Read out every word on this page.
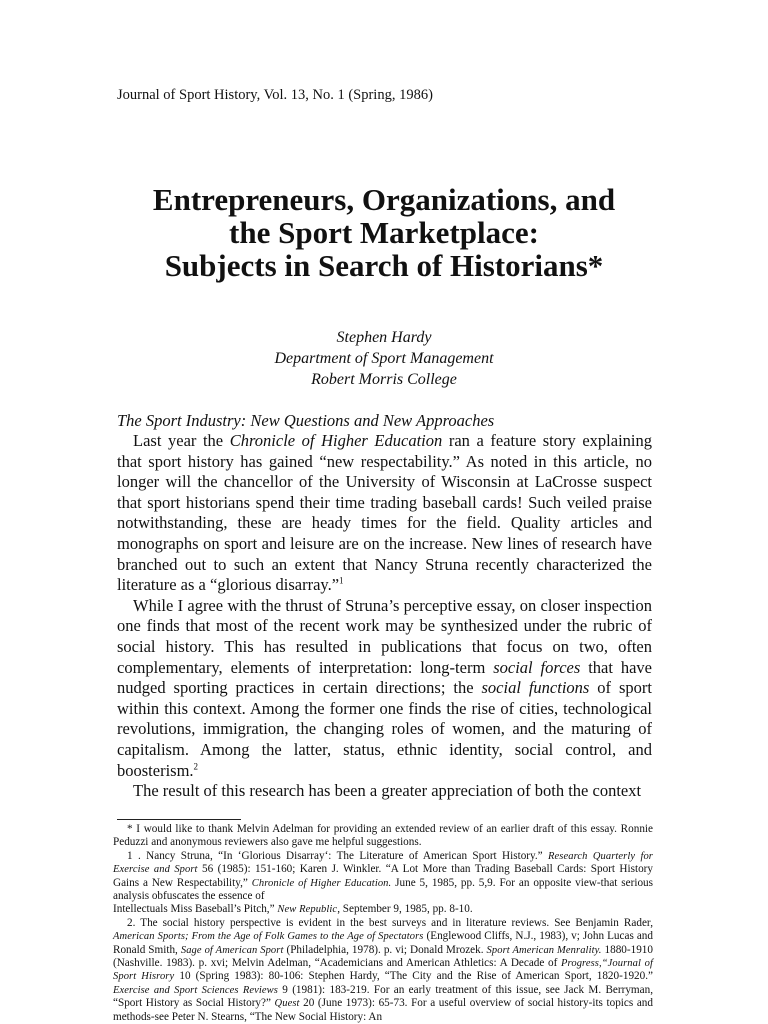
Journal of Sport History, Vol. 13, No. 1 (Spring, 1986)
Entrepreneurs, Organizations, and
the Sport Marketplace:
Subjects in Search of Historians*
Stephen Hardy
Department of Sport Management
Robert Morris College
The Sport Industry: New Questions and New Approaches

Last year the Chronicle of Higher Education ran a feature story explaining that sport history has gained “new respectability.” As noted in this article, no longer will the chancellor of the University of Wisconsin at LaCrosse suspect that sport historians spend their time trading baseball cards! Such veiled praise notwithstanding, these are heady times for the field. Quality articles and monographs on sport and leisure are on the increase. New lines of research have branched out to such an extent that Nancy Struna recently characterized the literature as a “glorious disarray.”$^1$

While I agree with the thrust of Struna’s perceptive essay, on closer inspection one finds that most of the recent work may be synthesized under the rubric of social history. This has resulted in publications that focus on two, often complementary, elements of interpretation: long-term social forces that have nudged sporting practices in certain directions; the social functions of sport within this context. Among the former one finds the rise of cities, technological revolutions, immigration, the changing roles of women, and the maturing of capitalism. Among the latter, status, ethnic identity, social control, and boosterism.$^2$

The result of this research has been a greater appreciation of both the context

* I would like to thank Melvin Adelman for providing an extended review of an earlier draft of this essay. Ronnie Peduzzi and anonymous reviewers also gave me helpful suggestions.

1 . Nancy Struna, “In ‘Glorious Disarray‘: The Literature of American Sport History.” Research Quarterly for Exercise and Sport 56 (1985): 151-160; Karen J. Winkler. “A Lot More than Trading Baseball Cards: Sport History Gains a New Respectability,” Chronicle of Higher Education. June 5, 1985, pp. 5,9. For an opposite view-that serious analysis obfuscates the essence of

Intellectuals Miss Baseball’s Pitch,” New Republic, September 9, 1985, pp. 8-10.

2. The social history perspective is evident in the best surveys and in literature reviews. See Benjamin Rader, American Sports; From the Age of Folk Games to the Age of Spectators (Englewood Cliffs, N.J., 1983), v; John Lucas and Ronald Smith, Sage of American Sport (Philadelphia, 1978). p. vi; Donald Mrozek. Sport American Menrality. 1880-1910 (Nashville. 1983). p. xvi; Melvin Adelman, “Academicians and American Athletics: A Decade of Progress,“Journal of Sport Hisrory 10 (Spring 1983): 80-106: Stephen Hardy, “The City and the Rise of American Sport, 1820-1920.” Exercise and Sport Sciences Reviews 9 (1981): 183-219. For an early treatment of this issue, see Jack M. Berryman, “Sport History as Social History?” Quest 20 (June 1973): 65-73. For a useful overview of social history-its topics and methods-see Peter N. Stearns, “The New Social History: An
